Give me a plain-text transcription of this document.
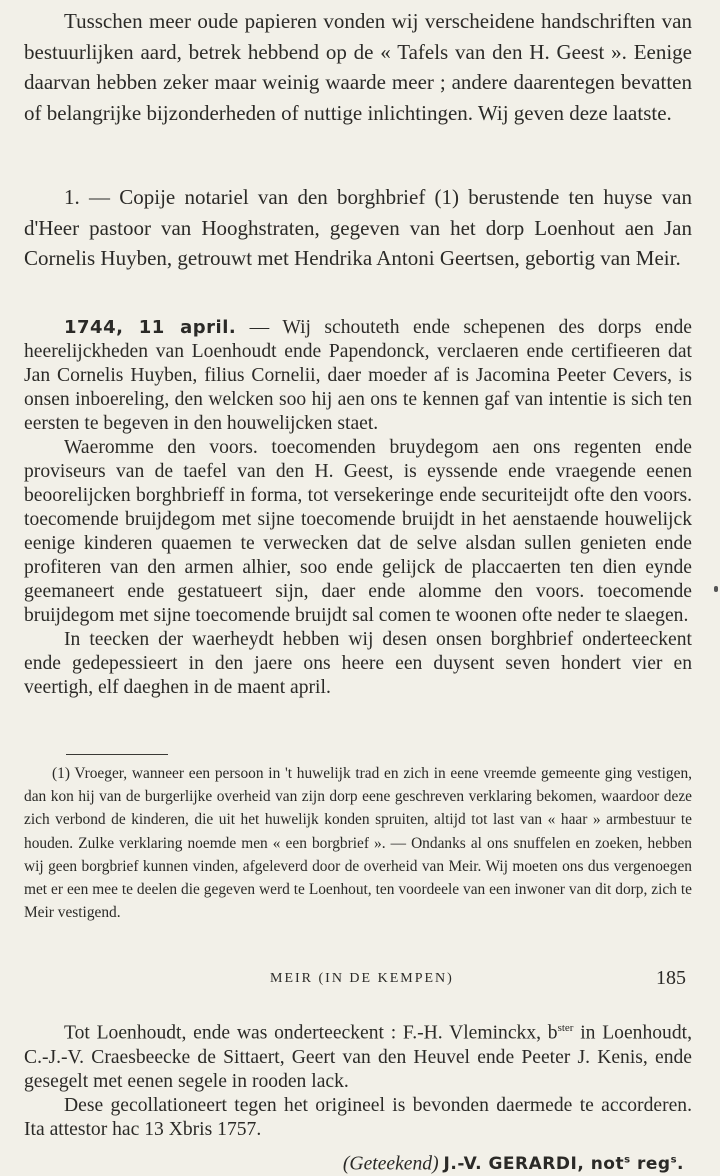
Tusschen meer oude papieren vonden wij verscheidene handschriften van bestuurlijken aard, betrek hebbend op de « Tafels van den H. Geest ». Eenige daarvan hebben zeker maar weinig waarde meer ; andere daarentegen bevatten of belangrijke bijzonderheden of nuttige inlichtingen. Wij geven deze laatste.

1. — Copije notariel van den borghbrief (1) berustende ten huyse van d'Heer pastoor van Hooghstraten, gegeven van het dorp Loenhout aen Jan Cornelis Huyben, getrouwt met Hendrika Antoni Geertsen, gebortig van Meir.

1744, 11 april. — Wij schouteth ende schepenen des dorps ende heerelijckheden van Loenhoudt ende Papendonck, verclaeren ende certifieeren dat Jan Cornelis Huyben, filius Cornelii, daer moeder af is Jacomina Peeter Cevers, is onsen inboereling, den welcken soo hij aen ons te kennen gaf van intentie is sich ten eersten te begeven in den houwelijcken staet.

Waeromme den voors. toecomenden bruydegom aen ons regenten ende proviseurs van de taefel van den H. Geest, is eyssende ende vraegende eenen beoorelijcken borghbrieff in forma, tot versekeringe ende securiteijdt ofte den voors. toecomende bruijdegom met sijne toecomende bruijdt in het aenstaende houwelijck eenige kinderen quaemen te verwecken dat de selve alsdan sullen genieten ende profiteren van den armen alhier, soo ende gelijck de placcaerten ten dien eynde geemaneert ende gestatueert sijn, daer ende alomme den voors. toecomende bruijdegom met sijne toecomende bruijdt sal comen te woonen ofte neder te slaegen.

In teecken der waerheydt hebben wij desen onsen borghbrief onderteeckent ende gedepessieert in den jaere ons heere een duysent seven hondert vier en veertigh, elf daeghen in de maent april.

(1) Vroeger, wanneer een persoon in 't huwelijk trad en zich in eene vreemde gemeente ging vestigen, dan kon hij van de burgerlijke overheid van zijn dorp eene geschreven verklaring bekomen, waardoor deze zich verbond de kinderen, die uit het huwelijk konden spruiten, altijd tot last van « haar » armbestuur te houden. Zulke verklaring noemde men « een borgbrief ». — Ondanks al ons snuffelen en zoeken, hebben wij geen borgbrief kunnen vinden, afgeleverd door de overheid van Meir. Wij moeten ons dus vergenoegen met er een mee te deelen die gegeven werd te Loenhout, ten voordeele van een inwoner van dit dorp, zich te Meir vestigend.

MEIR (IN DE KEMPEN)	185

Tot Loenhoudt, ende was onderteeckent : F.-H. Vleminckx, $b^{ster}$ in Loenhoudt, C.-J.-V. Craesbeecke de Sittaert, Geert van den Heuvel ende Peeter J. Kenis, ende gesegelt met eenen segele in rooden lack.

Dese gecollationeert tegen het origineel is bevonden daermede te accorderen. Ita attestor hac 13 Xbris 1757.

(Geteekend) J.-V. GERARDI, not$^s$ reg$^s$.
